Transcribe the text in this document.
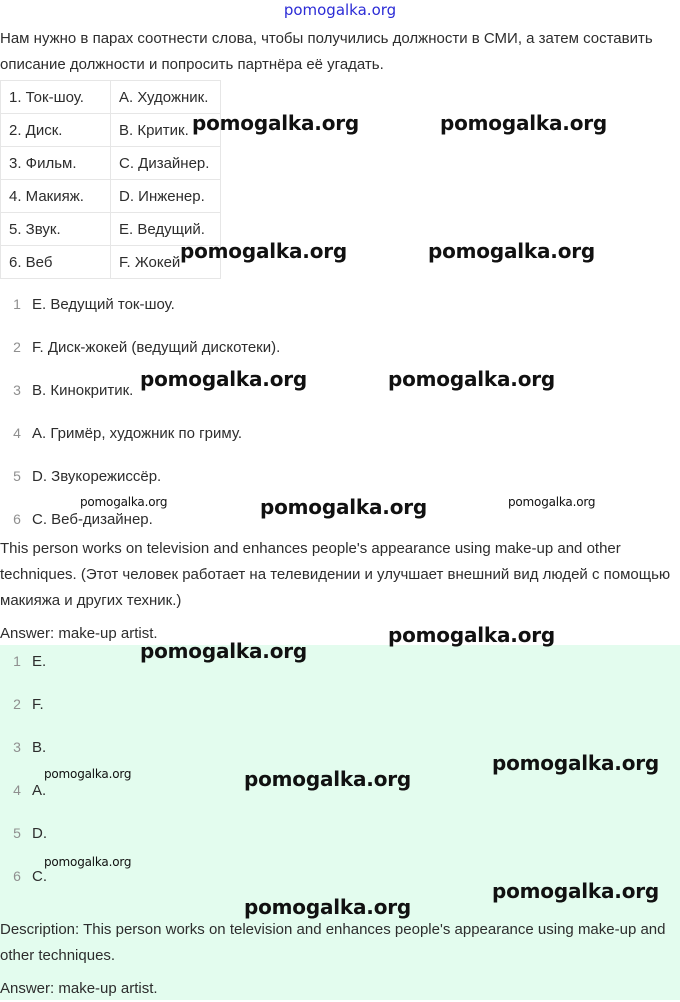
pomogalka.org

Нам нужно в парах соотнести слова, чтобы получились должности в СМИ, а затем составить описание должности и попросить партнёра её угадать.

1. Ток-шоу.	A. Художник.
2. Диск.	B. Критик.
3. Фильм.	C. Дизайнер.
4. Макияж.	D. Инженер.
5. Звук.	E. Ведущий.
6. Веб	F. Жокей
1 E. Ведущий ток-шоу.
2 F. Диск-жокей (ведущий дискотеки).
3 B. Кинокритик.
4 A. Гримёр, художник по гриму.
5 D. Звукорежиссёр.
6 C. Веб-дизайнер.

This person works on television and enhances people's appearance using make-up and other techniques. (Этот человек работает на телевидении и улучшает внешний вид людей с помощью макияжа и других техник.)

Answer: make-up artist.

1 E.
2 F.
3 B.
4 A.
5 D.
6 C.

Description: This person works on television and enhances people's appearance using make-up and other techniques.

Answer: make-up artist.

pomogalka.org	pomogalka.org
pomogalka.org	pomogalka.org
pomogalka.org	pomogalka.org
pomogalka.org	pomogalka.org	pomogalka.org
pomogalka.org
pomogalka.org
pomogalka.org
pomogalka.org	pomogalka.org
pomogalka.org
pomogalka.org
pomogalka.org
